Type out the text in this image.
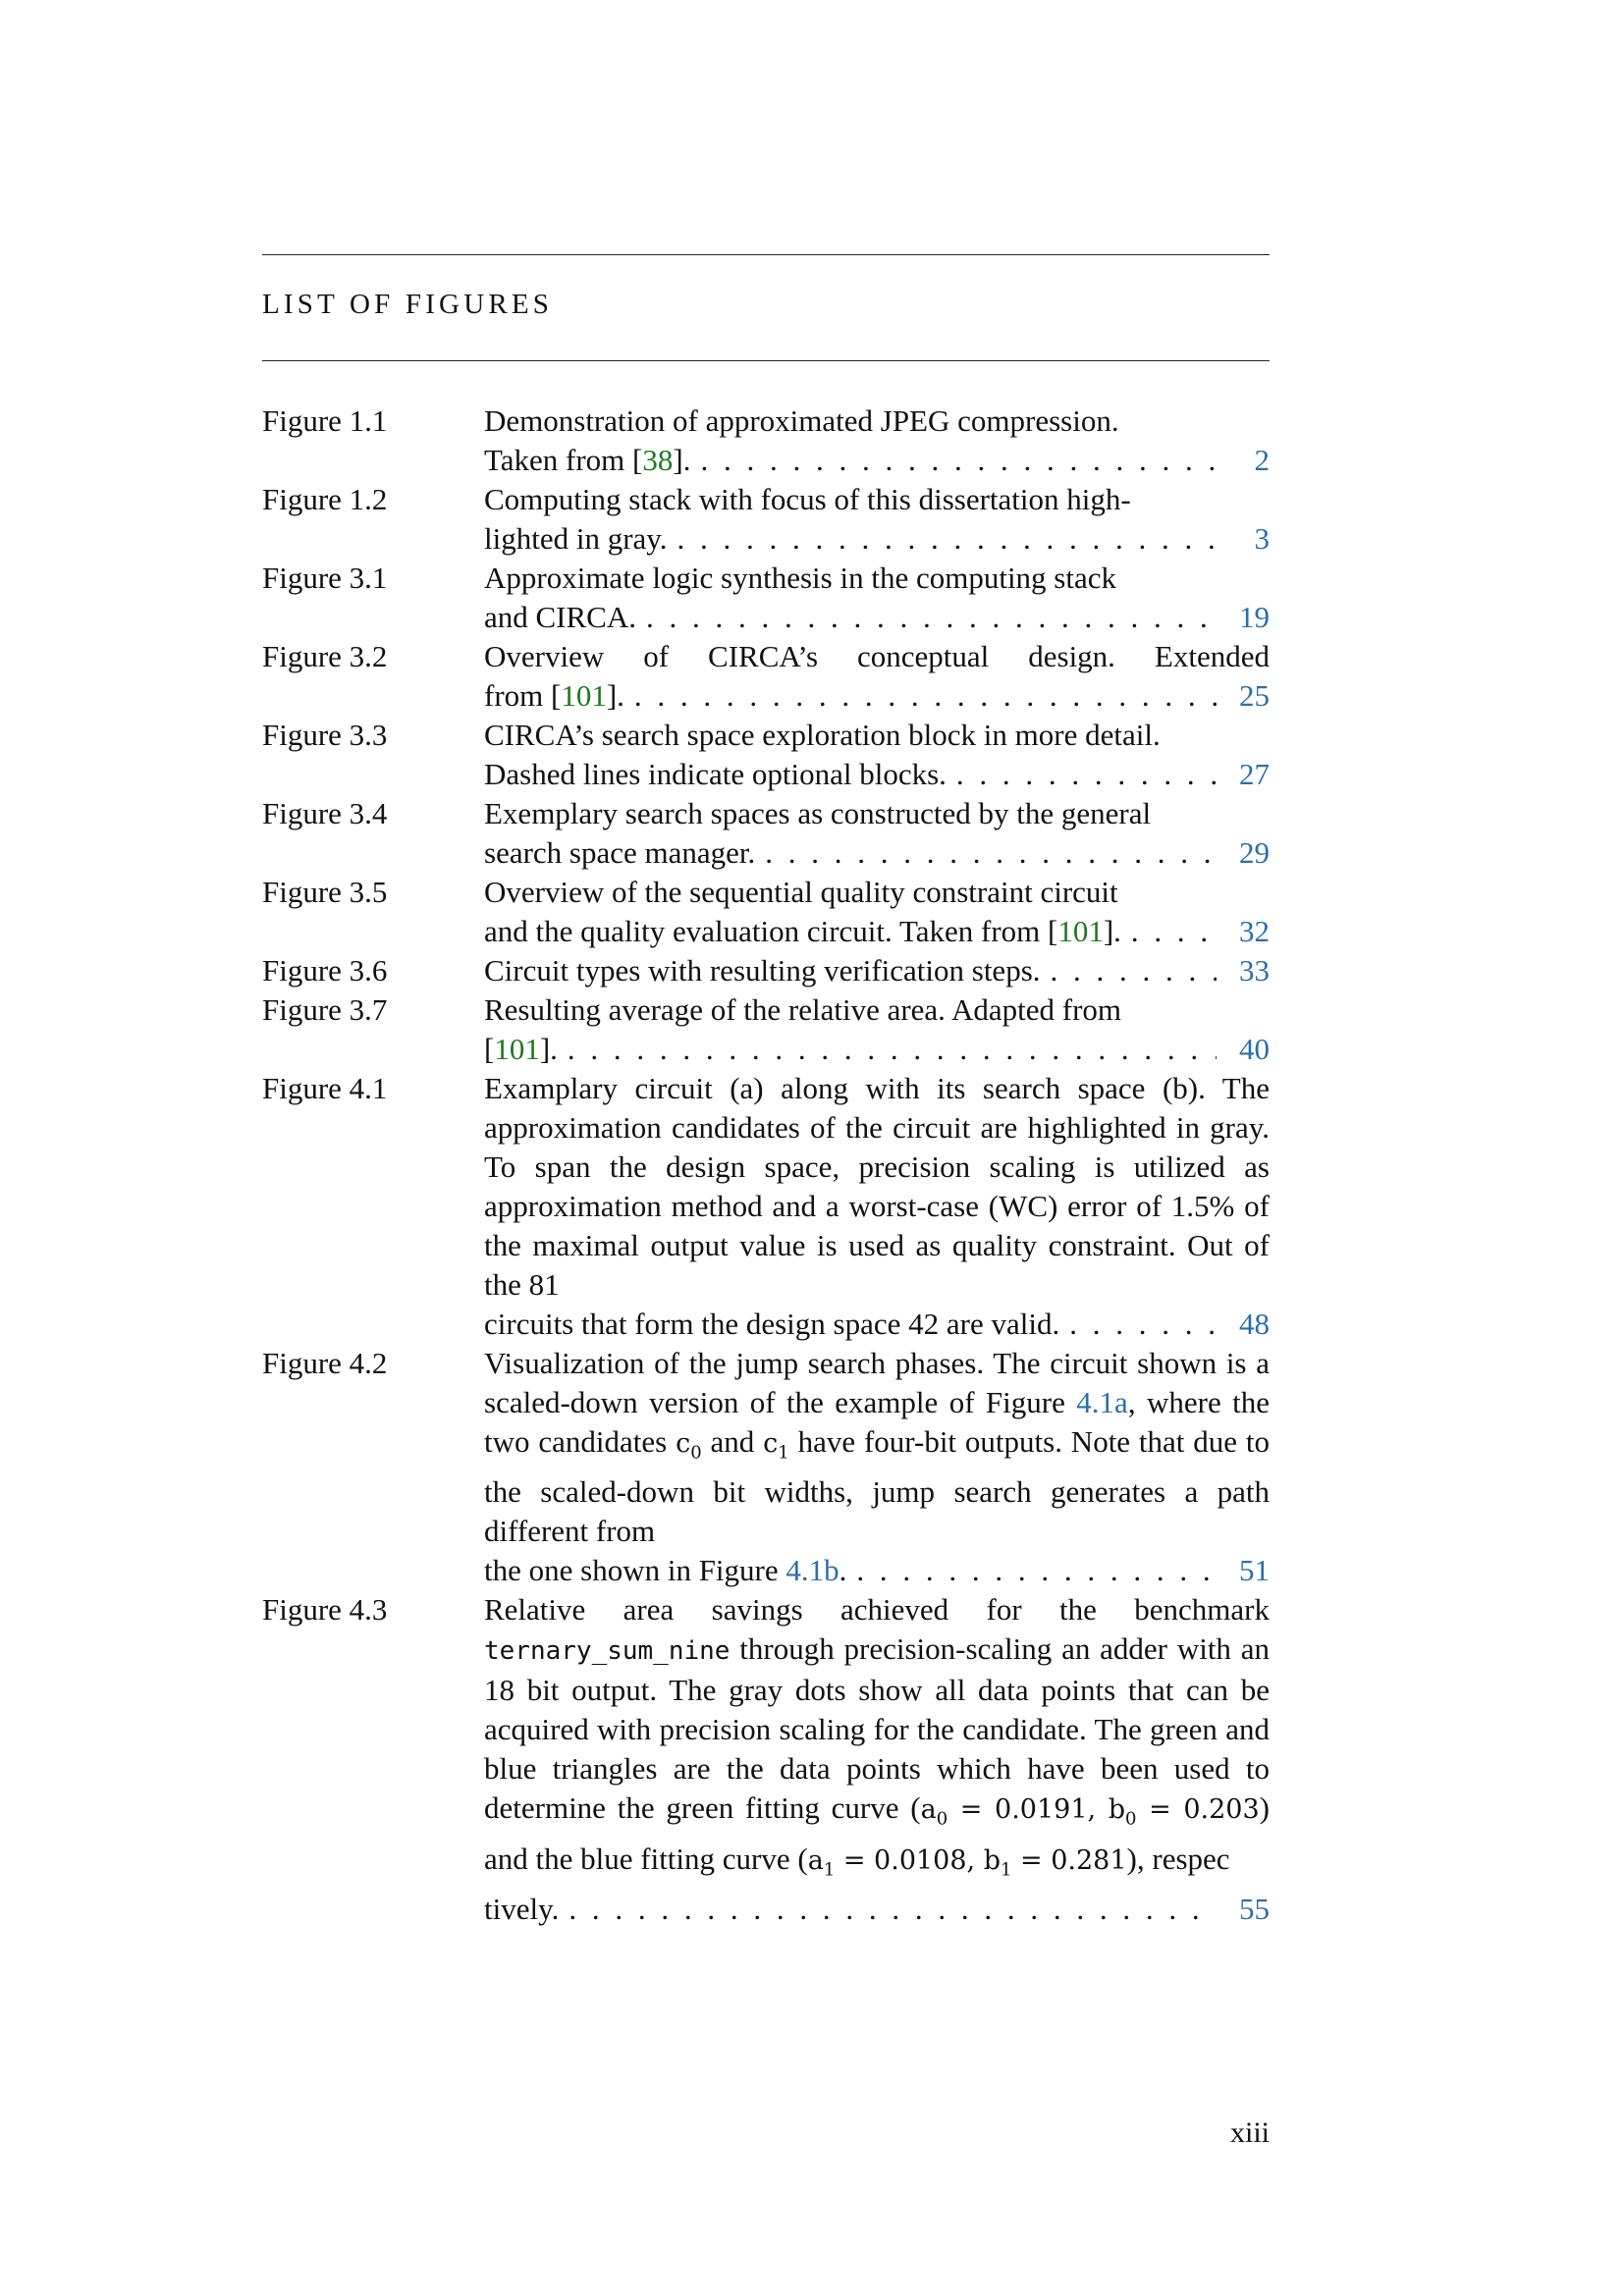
LIST OF FIGURES
Figure 1.1	Demonstration of approximated JPEG compression.
Taken from [38]. . . .	2
Figure 1.2	Computing stack with focus of this dissertation high-
lighted in gray. . . .	3
Figure 3.1	Approximate logic synthesis in the computing stack
and CIRCA. . . .	19
Figure 3.2	Overview of CIRCA’s conceptual design. Extended
from [101]. . . .	25
Figure 3.3	CIRCA’s search space exploration block in more detail.
Dashed lines indicate optional blocks. . . .	27
Figure 3.4	Exemplary search spaces as constructed by the general
search space manager. . . .	29
Figure 3.5	Overview of the sequential quality constraint circuit
and the quality evaluation circuit. Taken from [101]. . . .	32
Figure 3.6	Circuit types with resulting verification steps. . . .	33
Figure 3.7	Resulting average of the relative area. Adapted from
[101]. . . .	40
Figure 4.1	Examplary circuit (a) along with its search space (b). The approximation candidates of the circuit are highlighted in gray. To span the design space, precision scaling is utilized as approximation method and a worst-case (WC) error of 1.5% of the maximal output value is used as quality constraint. Out of the 81
circuits that form the design space 42 are valid. . . .	48
Figure 4.2	Visualization of the jump search phases. The circuit shown is a scaled-down version of the example of Figure 4.1a, where the two candidates $c_0$ and $c_1$ have four-bit outputs. Note that due to the scaled-down bit widths, jump search generates a path different from
the one shown in Figure 4.1b. . . .	51
Figure 4.3	Relative area savings achieved for the benchmark ternary_sum_nine through precision-scaling an adder with an 18 bit output. The gray dots show all data points that can be acquired with precision scaling for the candidate. The green and blue triangles are the data points which have been used to determine the green fitting curve ($a_0 = 0.0191$, $b_0 = 0.203$) and the blue fitting curve ($a_1 = 0.0108$, $b_1 = 0.281$), respec
tively. . . .	55
xiii
